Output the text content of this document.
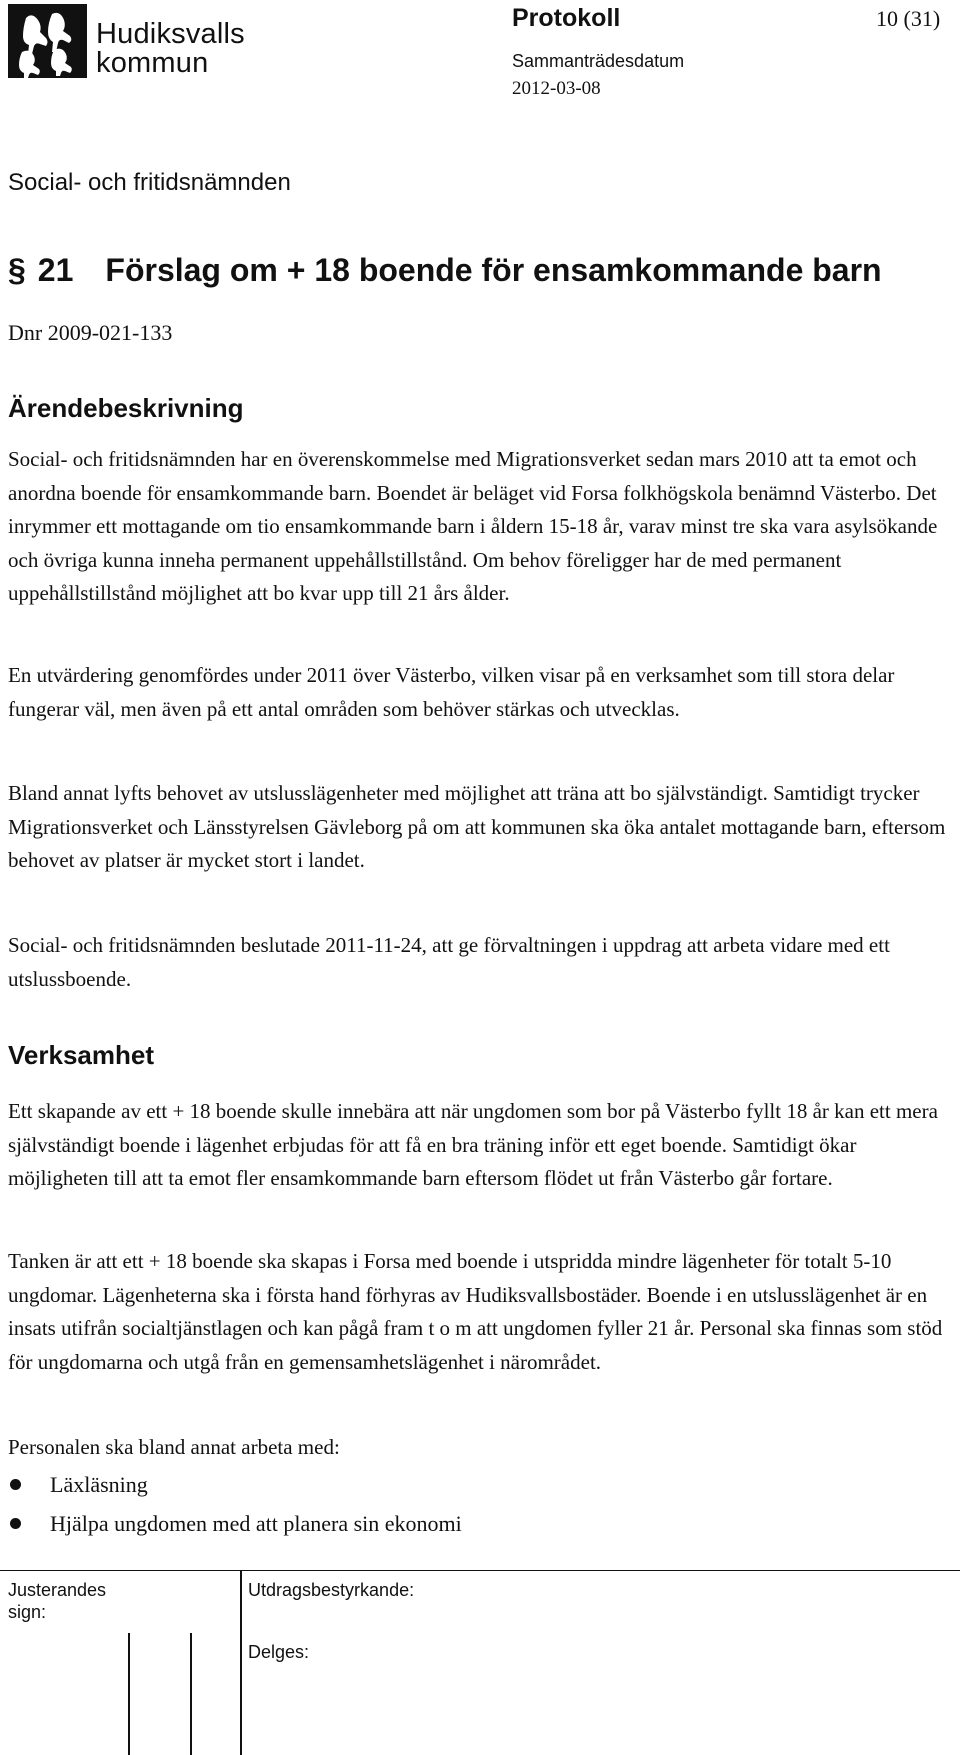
Hudiksvalls
kommun
Protokoll	10 (31)
Sammanträdesdatum
2012-03-08
Social- och fritidsnämnden
§ 21 Förslag om + 18 boende för ensamkommande barn
Dnr 2009-021-133
Ärendebeskrivning

Social- och fritidsnämnden har en överenskommelse med Migrationsverket sedan mars 2010 att ta emot och anordna boende för ensamkommande barn. Boendet är beläget vid Forsa folkhögskola benämnd Västerbo. Det inrymmer ett mottagande om tio ensamkommande barn i åldern 15-18 år, varav minst tre ska vara asylsökande och övriga kunna inneha permanent uppehållstillstånd. Om behov föreligger har de med permanent uppehållstillstånd möjlighet att bo kvar upp till 21 års ålder.

En utvärdering genomfördes under 2011 över Västerbo, vilken visar på en verksamhet som till stora delar fungerar väl, men även på ett antal områden som behöver stärkas och utvecklas.

Bland annat lyfts behovet av utslusslägenheter med möjlighet att träna att bo självständigt. Samtidigt trycker Migrationsverket och Länsstyrelsen Gävleborg på om att kommunen ska öka antalet mottagande barn, eftersom behovet av platser är mycket stort i landet.

Social- och fritidsnämnden beslutade 2011-11-24, att ge förvaltningen i uppdrag att arbeta vidare med ett utslussboende.

Verksamhet

Ett skapande av ett + 18 boende skulle innebära att när ungdomen som bor på Västerbo fyllt 18 år kan ett mera självständigt boende i lägenhet erbjudas för att få en bra träning inför ett eget boende. Samtidigt ökar möjligheten till att ta emot fler ensamkommande barn eftersom flödet ut från Västerbo går fortare.

Tanken är att ett + 18 boende ska skapas i Forsa med boende i utspridda mindre lägenheter för totalt 5-10 ungdomar. Lägenheterna ska i första hand förhyras av Hudiksvallsbostäder. Boende i en utslusslägenhet är en insats utifrån socialtjänstlagen och kan pågå fram t o m att ungdomen fyller 21 år. Personal ska finnas som stöd för ungdomarna och utgå från en gemensamhetslägenhet i närområdet.

Personalen ska bland annat arbeta med:

Läxläsning
Hjälpa ungdomen med att planera sin ekonomi
Justerandes sign:
Utdragsbestyrkande:
Delges:
